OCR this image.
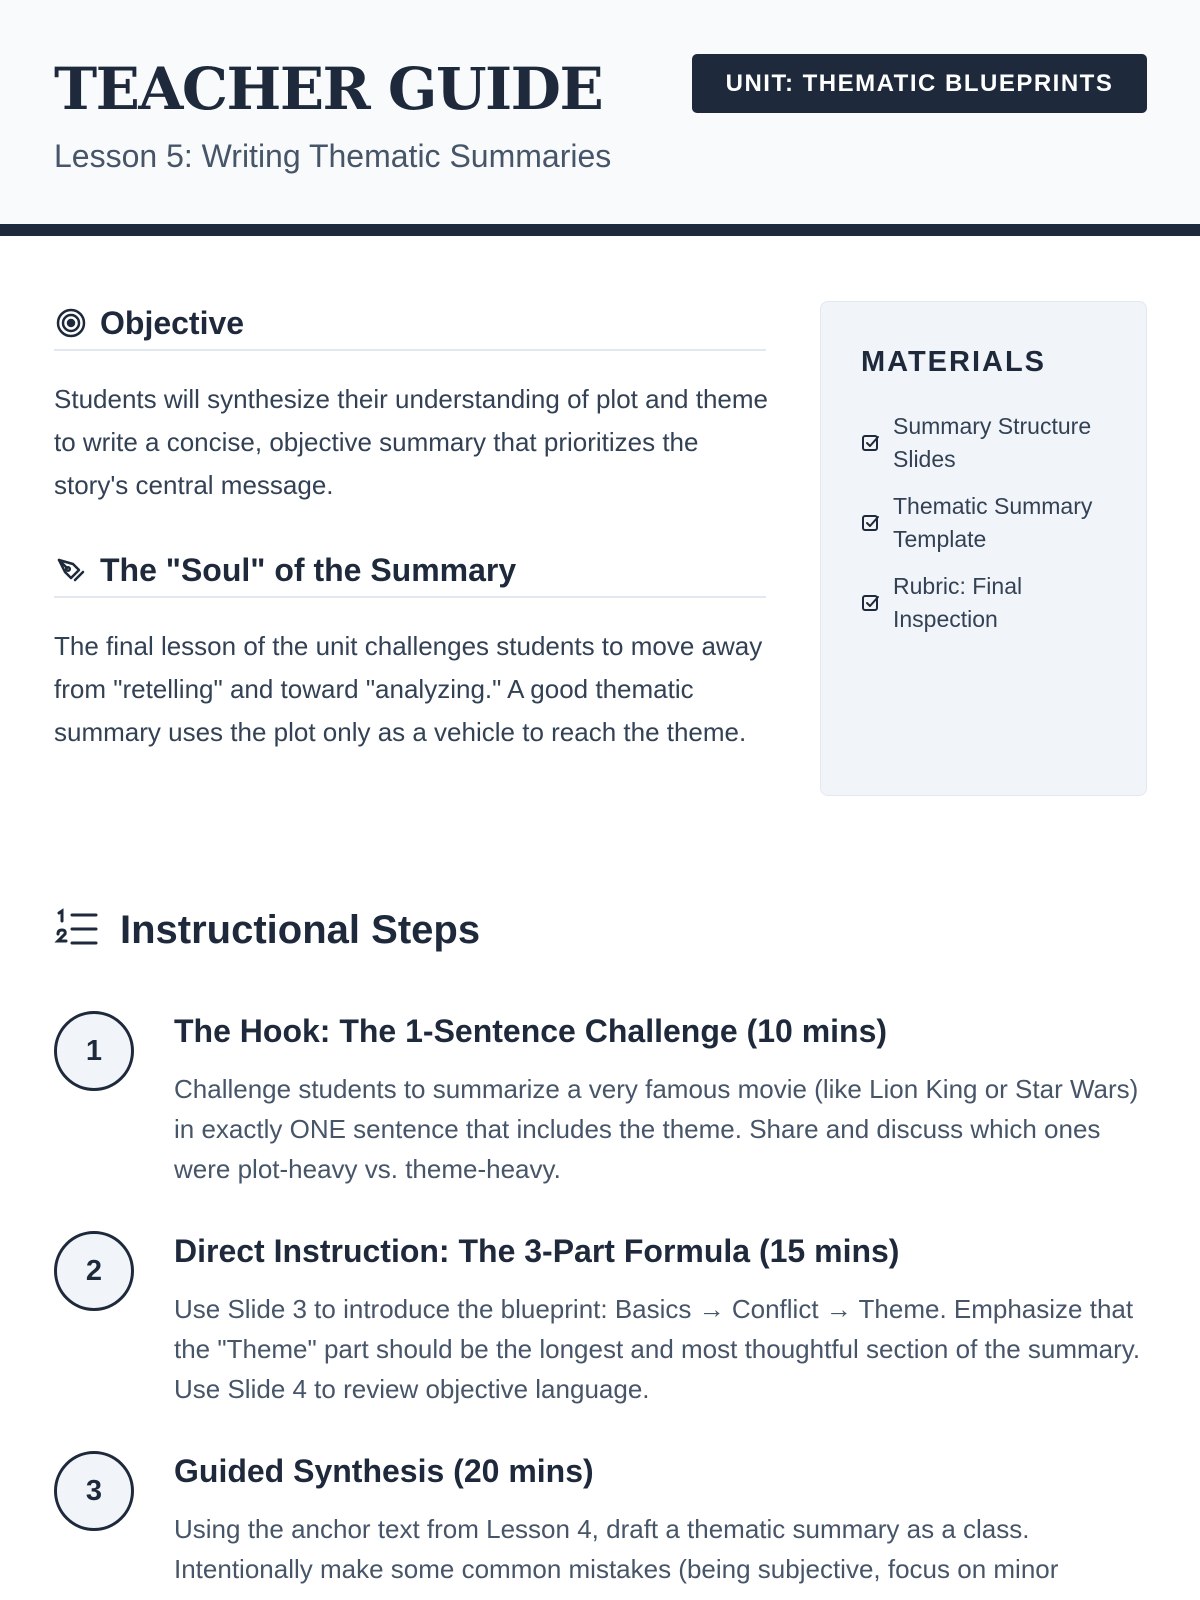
TEACHER GUIDE
Lesson 5: Writing Thematic Summaries
UNIT: THEMATIC BLUEPRINTS
Objective
Students will synthesize their understanding of plot and theme to write a concise, objective summary that prioritizes the story's central message.
The "Soul" of the Summary
The final lesson of the unit challenges students to move away from "retelling" and toward "analyzing." A good thematic summary uses the plot only as a vehicle to reach the theme.
MATERIALS
Summary Structure Slides
Thematic Summary Template
Rubric: Final Inspection
Instructional Steps
1
The Hook: The 1-Sentence Challenge (10 mins)
Challenge students to summarize a very famous movie (like Lion King or Star Wars) in exactly ONE sentence that includes the theme. Share and discuss which ones were plot-heavy vs. theme-heavy.
2
Direct Instruction: The 3-Part Formula (15 mins)
Use Slide 3 to introduce the blueprint: Basics → Conflict → Theme. Emphasize that the "Theme" part should be the longest and most thoughtful section of the summary. Use Slide 4 to review objective language.
3
Guided Synthesis (20 mins)
Using the anchor text from Lesson 4, draft a thematic summary as a class. Intentionally make some common mistakes (being subjective, focus on minor
